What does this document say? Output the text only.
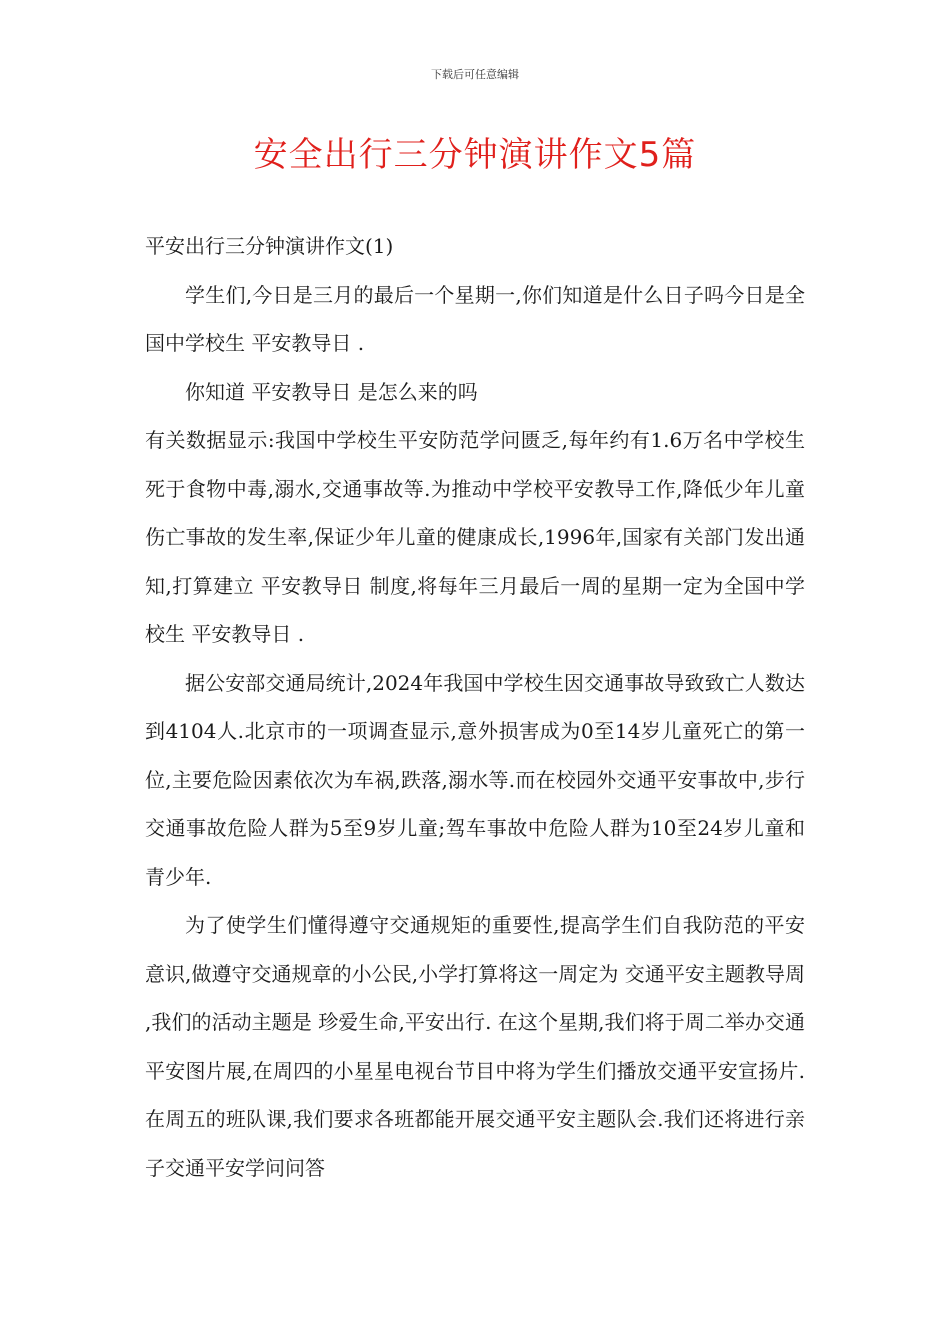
下载后可任意编辑
安全出行三分钟演讲作文5篇

平安出行三分钟演讲作文(1)

学生们,今日是三月的最后一个星期一,你们知道是什么日子吗今日是全国中学校生 平安教导日 .

你知道 平安教导日 是怎么来的吗

有关数据显示:我国中学校生平安防范学问匮乏,每年约有1.6万名中学校生死于食物中毒,溺水,交通事故等.为推动中学校平安教导工作,降低少年儿童伤亡事故的发生率,保证少年儿童的健康成长,1996年,国家有关部门发出通知,打算建立 平安教导日 制度,将每年三月最后一周的星期一定为全国中学校生 平安教导日 .

据公安部交通局统计,2024年我国中学校生因交通事故导致致亡人数达到4104人.北京市的一项调查显示,意外损害成为0至14岁儿童死亡的第一位,主要危险因素依次为车祸,跌落,溺水等.而在校园外交通平安事故中,步行交通事故危险人群为5至9岁儿童;驾车事故中危险人群为10至24岁儿童和青少年.

为了使学生们懂得遵守交通规矩的重要性,提高学生们自我防范的平安意识,做遵守交通规章的小公民,小学打算将这一周定为 交通平安主题教导周 ,我们的活动主题是 珍爱生命,平安出行. 在这个星期,我们将于周二举办交通平安图片展,在周四的小星星电视台节目中将为学生们播放交通平安宣扬片.在周五的班队课,我们要求各班都能开展交通平安主题队会.我们还将进行亲子交通平安学问问答
